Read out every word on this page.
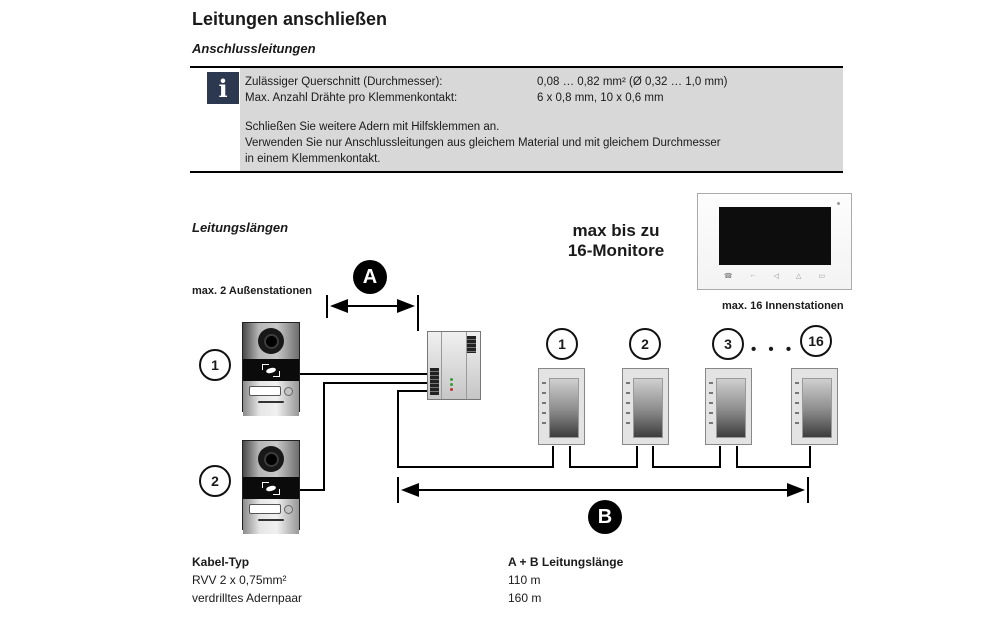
Leitungen anschließen
Anschlussleitungen
i	Zulässiger Querschnitt (Durchmesser):	0,08 … 0,82 mm² (Ø 0,32 … 1,0 mm)
Max. Anzahl Drähte pro Klemmenkontakt:	6 x 0,8 mm, 10 x 0,6 mm
Schließen Sie weitere Adern mit Hilfsklemmen an.
Verwenden Sie nur Anschlussleitungen aus gleichem Material und mit gleichem Durchmesser
in einem Klemmenkontakt.
Leitungslängen
max. 2 Außenstationen
max bis zu
16-Monitore
☎ ← ◁ △ ▭
max. 16 Innenstationen
A
B
1
2
1	2	3	• • • 16
Kabel-Typ
RVV 2 x 0,75mm²
verdrilltes Adernpaar
A + B Leitungslänge
110 m
160 m
